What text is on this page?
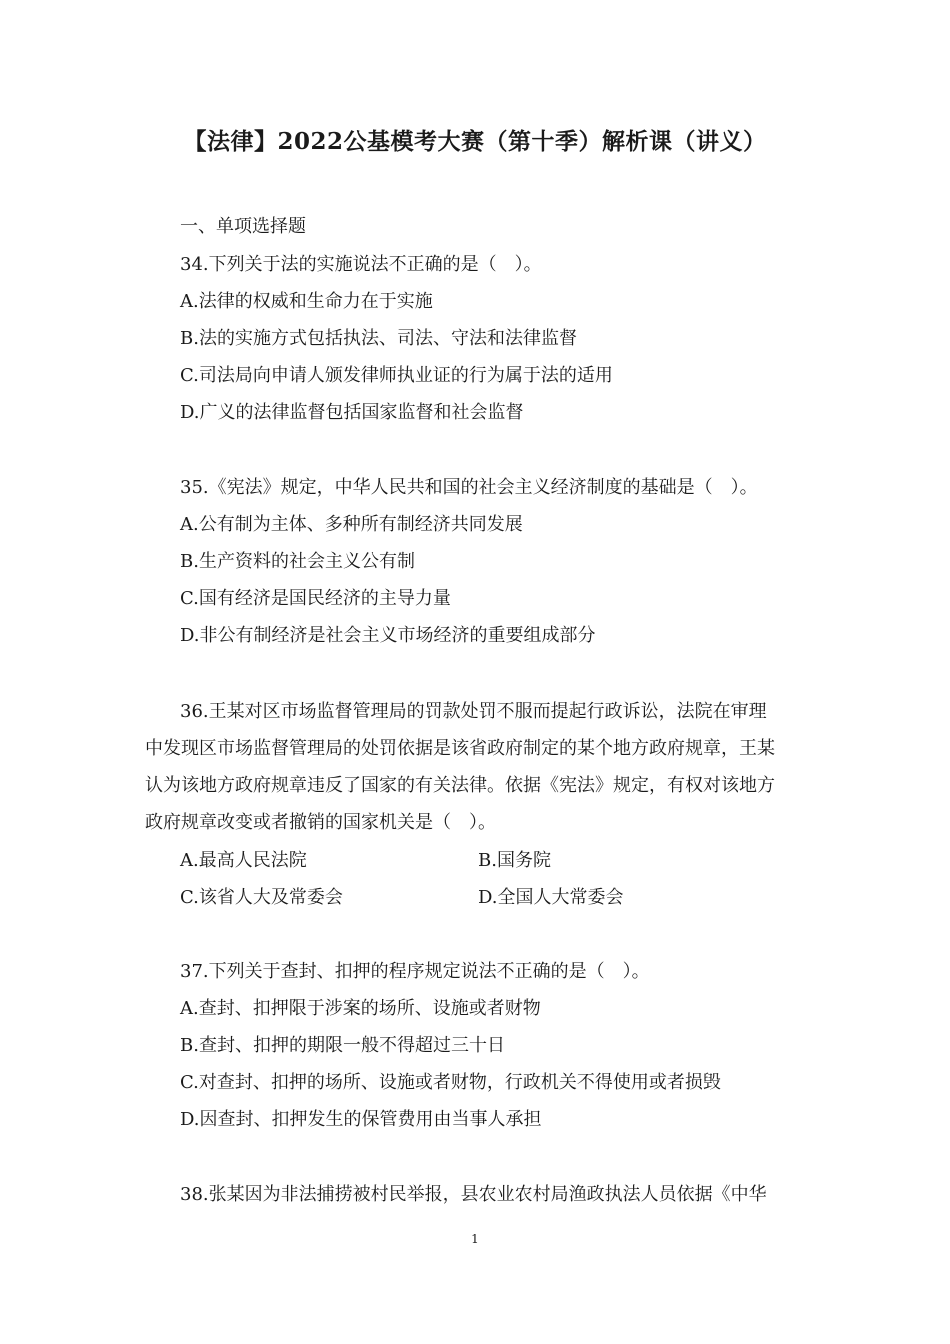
【法律】2022公基模考大赛（第十季）解析课（讲义）
一、单项选择题
34.下列关于法的实施说法不正确的是（　）。
A.法律的权威和生命力在于实施
B.法的实施方式包括执法、司法、守法和法律监督
C.司法局向申请人颁发律师执业证的行为属于法的适用
D.广义的法律监督包括国家监督和社会监督
35.《宪法》规定，中华人民共和国的社会主义经济制度的基础是（　）。
A.公有制为主体、多种所有制经济共同发展
B.生产资料的社会主义公有制
C.国有经济是国民经济的主导力量
D.非公有制经济是社会主义市场经济的重要组成部分
36.王某对区市场监督管理局的罚款处罚不服而提起行政诉讼，法院在审理
中发现区市场监督管理局的处罚依据是该省政府制定的某个地方政府规章，王某
认为该地方政府规章违反了国家的有关法律。依据《宪法》规定，有权对该地方
政府规章改变或者撤销的国家机关是（　）。
A.最高人民法院	B.国务院
C.该省人大及常委会	D.全国人大常委会
37.下列关于查封、扣押的程序规定说法不正确的是（　）。
A.查封、扣押限于涉案的场所、设施或者财物
B.查封、扣押的期限一般不得超过三十日
C.对查封、扣押的场所、设施或者财物，行政机关不得使用或者损毁
D.因查封、扣押发生的保管费用由当事人承担
38.张某因为非法捕捞被村民举报，县农业农村局渔政执法人员依据《中华
1
